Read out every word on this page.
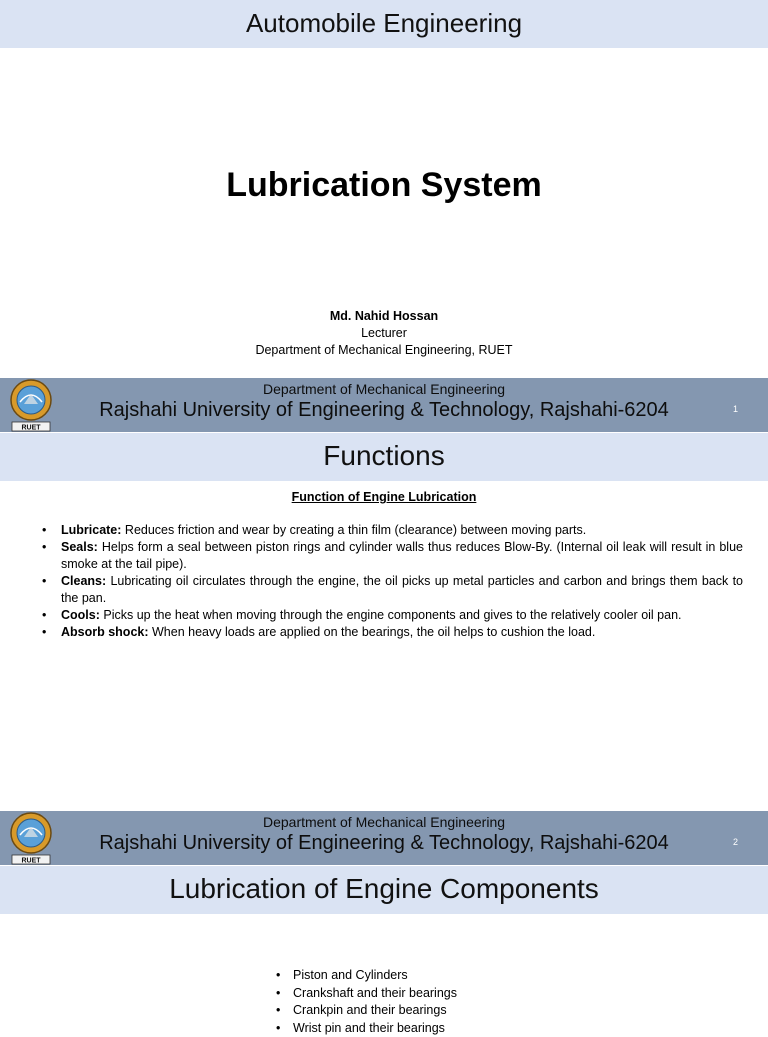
Automobile Engineering
Lubrication System
Md. Nahid Hossan
Lecturer
Department of Mechanical Engineering, RUET
RUET
Department of Mechanical Engineering
Rajshahi University of Engineering & Technology, Rajshahi-6204	1
Functions
Function of Engine Lubrication
• Lubricate: Reduces friction and wear by creating a thin film (clearance) between moving parts.
• Seals: Helps form a seal between piston rings and cylinder walls thus reduces Blow-By. (Internal oil leak will result in blue smoke at the tail pipe).
• Cleans: Lubricating oil circulates through the engine, the oil picks up metal particles and carbon and brings them back to the pan.
• Cools: Picks up the heat when moving through the engine components and gives to the relatively cooler oil pan.
• Absorb shock: When heavy loads are applied on the bearings, the oil helps to cushion the load.
RUET
Department of Mechanical Engineering
Rajshahi University of Engineering & Technology, Rajshahi-6204	2
Lubrication of Engine Components
• Piston and Cylinders
• Crankshaft and their bearings
• Crankpin and their bearings
• Wrist pin and their bearings
